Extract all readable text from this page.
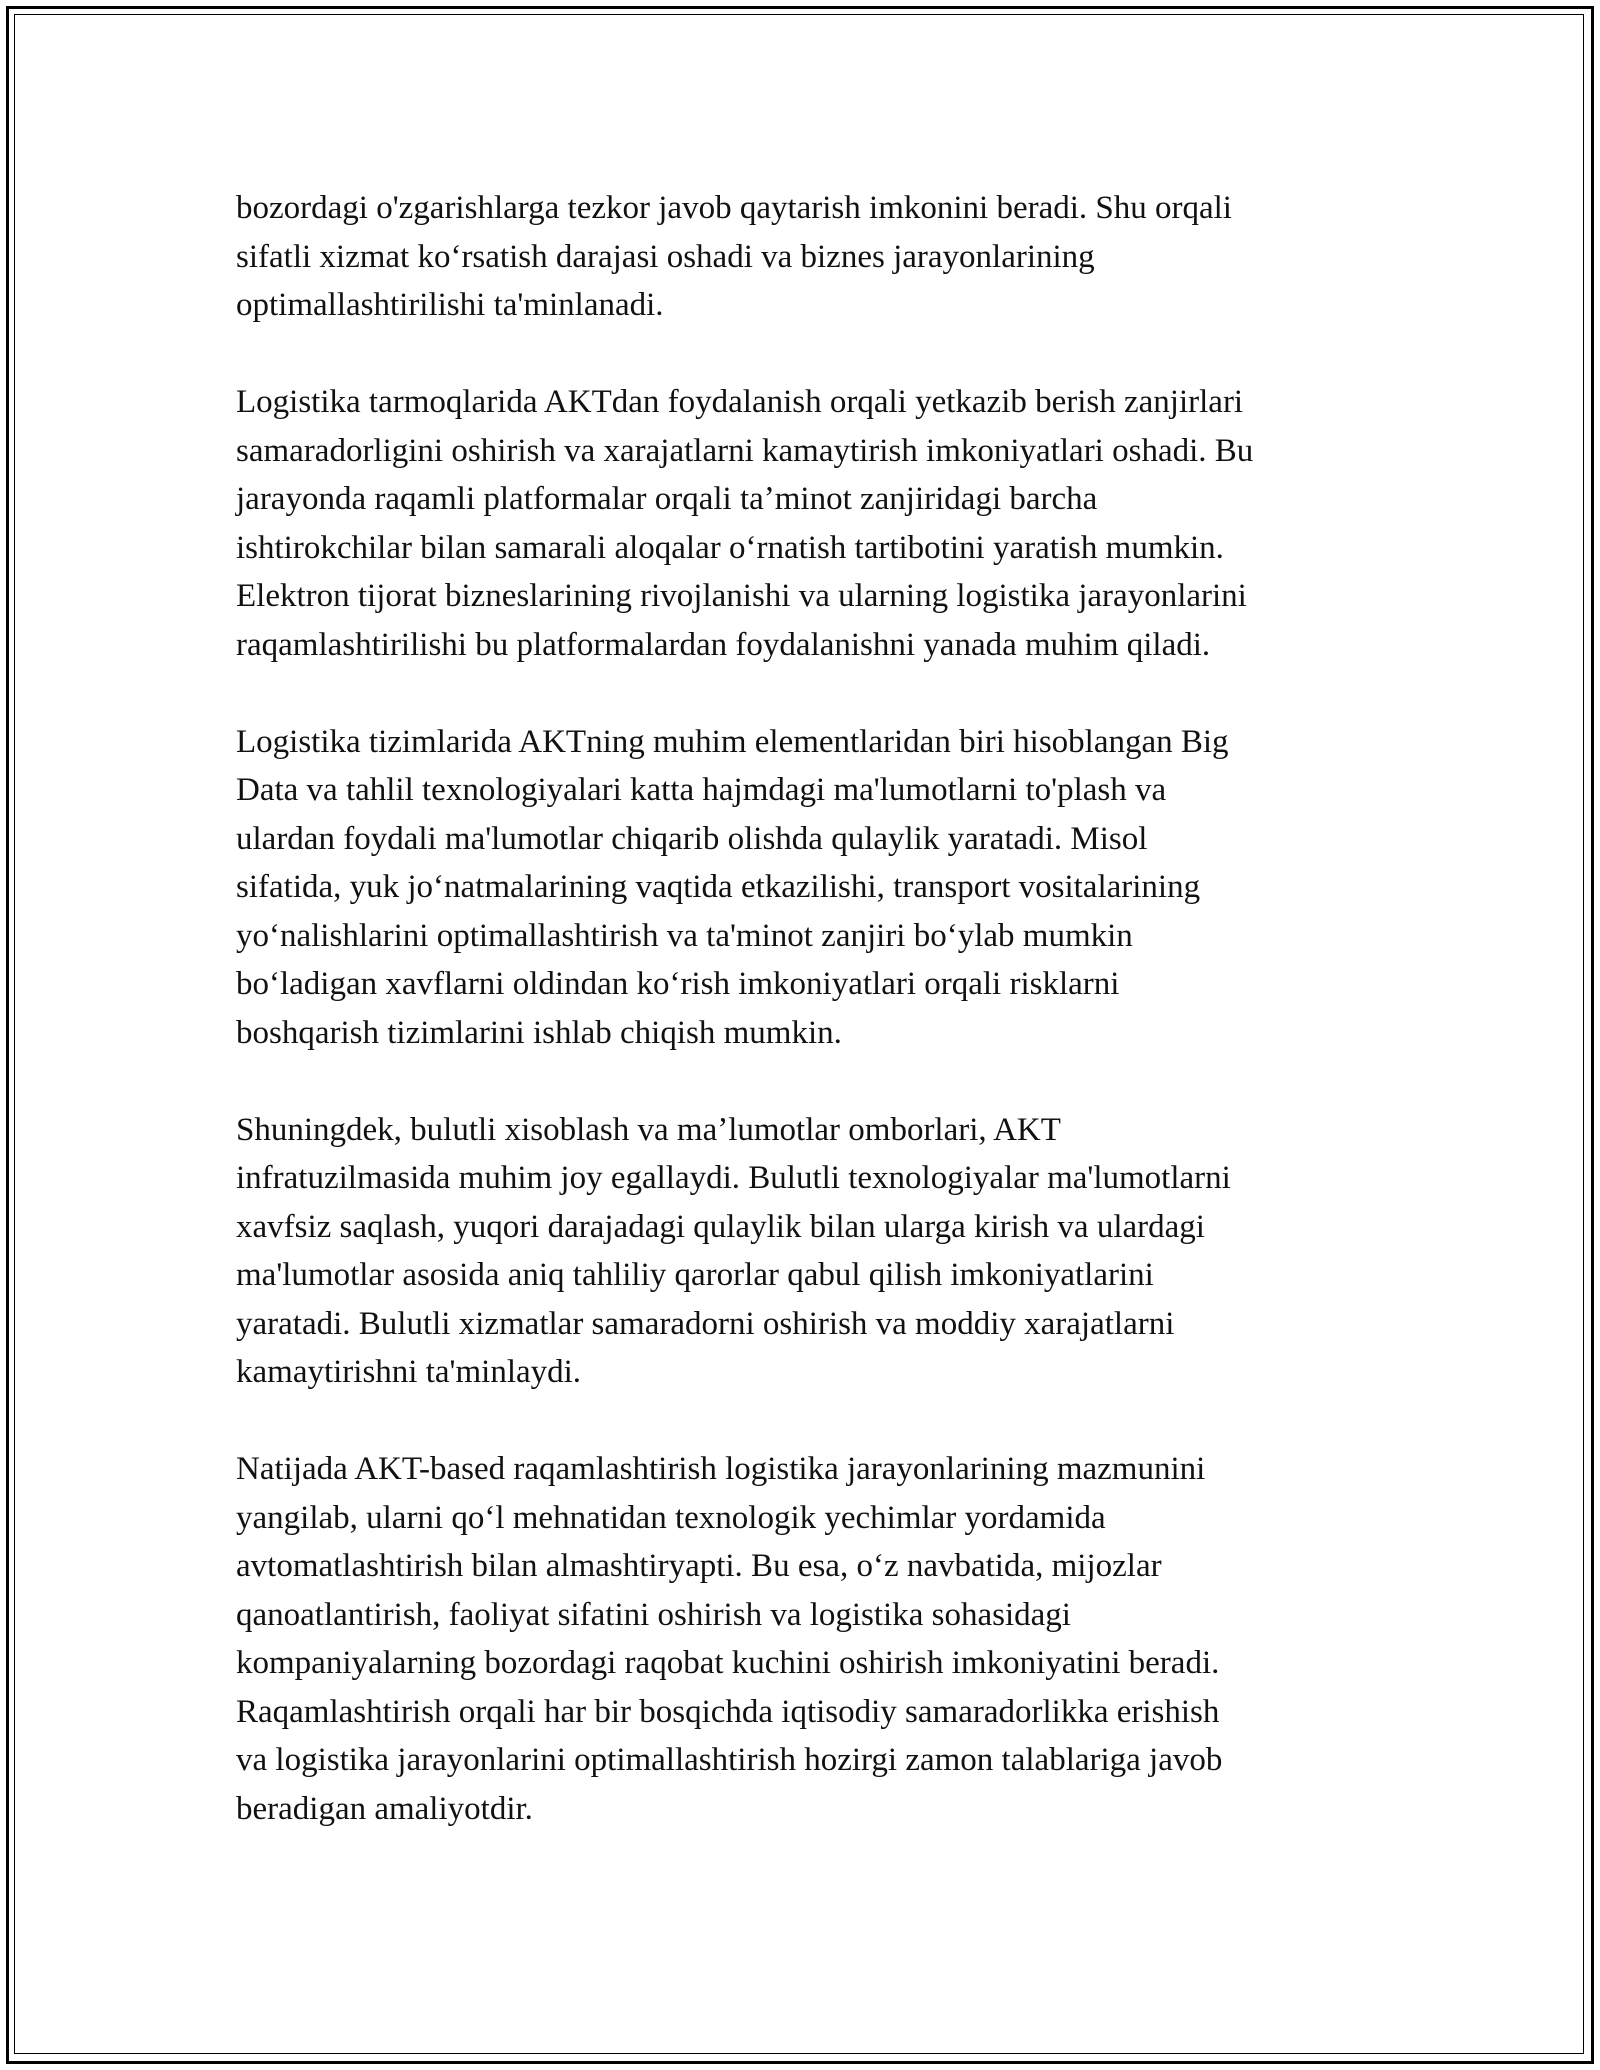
bozordagi o'zgarishlarga tezkor javob qaytarish imkonini beradi. Shu orqali
sifatli xizmat koʻrsatish darajasi oshadi va biznes jarayonlarining
optimallashtirilishi ta'minlanadi.

Logistika tarmoqlarida AKTdan foydalanish orqali yetkazib berish zanjirlari
samaradorligini oshirish va xarajatlarni kamaytirish imkoniyatlari oshadi. Bu
jarayonda raqamli platformalar orqali taʼminot zanjiridagi barcha
ishtirokchilar bilan samarali aloqalar oʻrnatish tartibotini yaratish mumkin.
Elektron tijorat bizneslarining rivojlanishi va ularning logistika jarayonlarini
raqamlashtirilishi bu platformalardan foydalanishni yanada muhim qiladi.

Logistika tizimlarida AKTning muhim elementlaridan biri hisoblangan Big
Data va tahlil texnologiyalari katta hajmdagi ma'lumotlarni to'plash va
ulardan foydali ma'lumotlar chiqarib olishda qulaylik yaratadi. Misol
sifatida, yuk joʻnatmalarining vaqtida etkazilishi, transport vositalarining
yoʻnalishlarini optimallashtirish va ta'minot zanjiri boʻylab mumkin
boʻladigan xavflarni oldindan koʻrish imkoniyatlari orqali risklarni
boshqarish tizimlarini ishlab chiqish mumkin.

Shuningdek, bulutli xisoblash va maʼlumotlar omborlari, AKT
infratuzilmasida muhim joy egallaydi. Bulutli texnologiyalar ma'lumotlarni
xavfsiz saqlash, yuqori darajadagi qulaylik bilan ularga kirish va ulardagi
ma'lumotlar asosida aniq tahliliy qarorlar qabul qilish imkoniyatlarini
yaratadi. Bulutli xizmatlar samaradorni oshirish va moddiy xarajatlarni
kamaytirishni ta'minlaydi.

Natijada AKT-based raqamlashtirish logistika jarayonlarining mazmunini
yangilab, ularni qoʻl mehnatidan texnologik yechimlar yordamida
avtomatlashtirish bilan almashtiryapti. Bu esa, oʻz navbatida, mijozlar
qanoatlantirish, faoliyat sifatini oshirish va logistika sohasidagi
kompaniyalarning bozordagi raqobat kuchini oshirish imkoniyatini beradi.
Raqamlashtirish orqali har bir bosqichda iqtisodiy samaradorlikka erishish
va logistika jarayonlarini optimallashtirish hozirgi zamon talablariga javob
beradigan amaliyotdir.
